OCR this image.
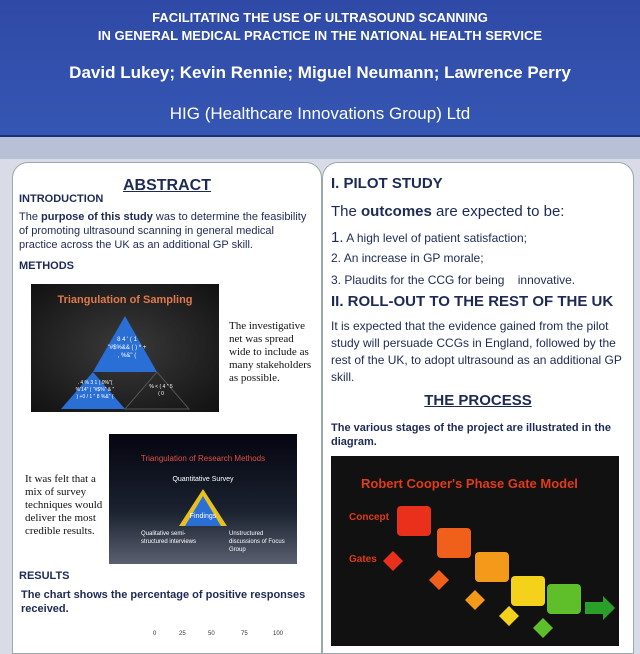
FACILITATING THE USE OF ULTRASOUND SCANNING
IN GENERAL MEDICAL PRACTICE IN THE NATIONAL HEALTH SERVICE
David Lukey; Kevin Rennie; Miguel Neumann; Lawrence Perry
HIG (Healthcare Innovations Group) Ltd
ABSTRACT
INTRODUCTION
The purpose of this study was to determine the feasibility of promoting ultrasound scanning in general medical practice across the UK as an additional GP skill.
METHODS
Triangulation of Sampling
8 4 ' ( 1 "#$%&& ( ) * + , %&" (
. 4 % 3 1 ( 0%"( %'14" ( "#$%" & " ) +0 / 1 " 8 %&" (
% < ( 4 " 5 ( 0
The investigative net was spread wide to include as many stakeholders as possible.
Triangulation of Research Methods
Quantitative Survey
Findings
Qualitative semi-structured interviews
Unstructured discussions of Focus Group
It was felt that a mix of survey techniques would deliver the most credible results.
RESULTS
The chart shows the percentage of positive responses received.
0	25	50	75	100
I. PILOT STUDY
The outcomes are expected to be:
1. A high level of patient satisfaction;
2. An increase in GP morale;
3. Plaudits for the CCG for being    innovative.
II. ROLL-OUT TO THE REST OF THE UK
It is expected that the evidence gained from the pilot study will persuade CCGs in England, followed by the rest of the UK, to adopt ultrasound as an additional GP skill.
THE PROCESS
The various stages of the project are illustrated in the diagram.
Robert Cooper's Phase Gate Model
Concept
Gates
